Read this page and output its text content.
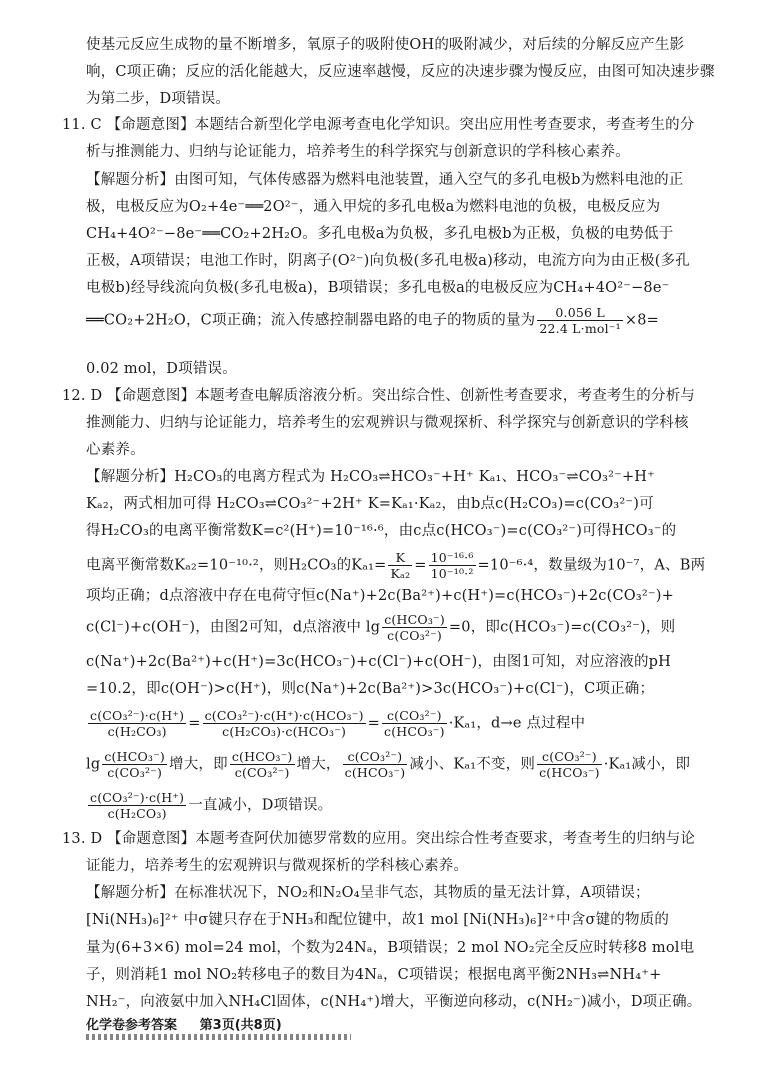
使基元反应生成物的量不断增多，氧原子的吸附使OH的吸附减少，对后续的分解反应产生影
响，C项正确；反应的活化能越大，反应速率越慢，反应的决速步骤为慢反应，由图可知决速步骤
为第二步，D项错误。
11. C 【命题意图】本题结合新型化学电源考查电化学知识。突出应用性考查要求，考查考生的分
析与推测能力、归纳与论证能力，培养考生的科学探究与创新意识的学科核心素养。
【解题分析】由图可知，气体传感器为燃料电池装置，通入空气的多孔电极b为燃料电池的正
极，电极反应为O₂+4e⁻══2O²⁻，通入甲烷的多孔电极a为燃料电池的负极，电极反应为
CH₄+4O²⁻−8e⁻══CO₂+2H₂O。多孔电极a为负极，多孔电极b为正极，负极的电势低于
正极，A项错误；电池工作时，阴离子(O²⁻)向负极(多孔电极a)移动，电流方向为由正极(多孔
电极b)经导线流向负极(多孔电极a)，B项错误；多孔电极a的电极反应为CH₄+4O²⁻−8e⁻
══CO₂+2H₂O，C项正确；流入传感控制器电路的电子的物质的量为 $\frac{0.056 L}{\text{22.4 L·mol⁻¹}} \times 8=$
0.02 mol，D项错误。
12. D 【命题意图】本题考查电解质溶液分析。突出综合性、创新性考查要求，考查考生的分析与
推测能力、归纳与论证能力，培养考生的宏观辨识与微观探析、科学探究与创新意识的学科核
心素养。
【解题分析】H₂CO₃的电离方程式为 H₂CO₃⇌HCO₃⁻+H⁺ Kₐ₁、HCO₃⁻⇌CO₃²⁻+H⁺
Kₐ₂，两式相加可得 H₂CO₃⇌CO₃²⁻+2H⁺ K=Kₐ₁·Kₐ₂，由b点c(H₂CO₃)=c(CO₃²⁻)可
得H₂CO₃的电离平衡常数K=c²(H⁺)=10⁻¹⁶·⁶，由c点c(HCO₃⁻)=c(CO₃²⁻)可得HCO₃⁻的
电离平衡常数Kₐ₂=10⁻¹⁰·²，则H₂CO₃的$K_{a1}= \frac{K}{\text{Kₐ₂}} = \frac{\text{10⁻¹⁶·⁶}}{\text{10⁻¹⁰·²}} =10^{-6}\cdot^4$，数量级为10⁻⁷，A、B两
项均正确；d点溶液中存在电荷守恒c(Na⁺)+2c(Ba²⁺)+c(H⁺)=c(HCO₃⁻)+2c(CO₃²⁻)+
c(Cl⁻)+c(OH⁻)，由图2可知，d点溶液中 $\lg \frac{\text{c(HCO₃⁻)}}{\text{c(CO₃²⁻)}} =0$，即c(HCO₃⁻)=c(CO₃²⁻)，则
c(Na⁺)+2c(Ba²⁺)+c(H⁺)=3c(HCO₃⁻)+c(Cl⁻)+c(OH⁻)，由图1可知，对应溶液的pH
=10.2，即c(OH⁻)>c(H⁺)，则c(Na⁺)+2c(Ba²⁺)>3c(HCO₃⁻)+c(Cl⁻)，C项正确；
$\frac{\text{c(CO₃²⁻)·c(H⁺)}}{\text{c(H₂CO₃)}} = \frac{\text{c(CO₃²⁻)·c(H⁺)·c(HCO₃⁻)}}{\text{c(H₂CO₃)·c(HCO₃⁻)}} = \frac{\text{c(CO₃²⁻)}}{\text{c(HCO₃⁻)}} \cdot K_{a1}$，d→e 点过程中
$\lg \frac{\text{c(HCO₃⁻)}}{\text{c(CO₃²⁻)}}$ 增大，即 $\frac{\text{c(HCO₃⁻)}}{\text{c(CO₃²⁻)}}$ 增大， $\frac{\text{c(CO₃²⁻)}}{\text{c(HCO₃⁻)}}$ 减小、Kₐ₁不变，则 $\frac{\text{c(CO₃²⁻)}}{\text{c(HCO₃⁻)}} \cdot K_{a1}$减小，即
$\frac{\text{c(CO₃²⁻)·c(H⁺)}}{\text{c(H₂CO₃)}}$ 一直减小，D项错误。
13. D 【命题意图】本题考查阿伏加德罗常数的应用。突出综合性考查要求，考查考生的归纳与论
证能力，培养考生的宏观辨识与微观探析的学科核心素养。
【解题分析】在标准状况下，NO₂和N₂O₄呈非气态，其物质的量无法计算，A项错误；
[Ni(NH₃)₆]²⁺ 中σ键只存在于NH₃和配位键中，故1 mol [Ni(NH₃)₆]²⁺中含σ键的物质的
量为(6+3×6) mol=24 mol，个数为24Nₐ，B项错误；2 mol NO₂完全反应时转移8 mol电
子，则消耗1 mol NO₂转移电子的数目为4Nₐ，C项错误；根据电离平衡2NH₃⇌NH₄⁺+
NH₂⁻，向液氨中加入NH₄Cl固体，c(NH₄⁺)增大，平衡逆向移动，c(NH₂⁻)减小，D项正确。
化学卷参考答案 第3页(共8页)
